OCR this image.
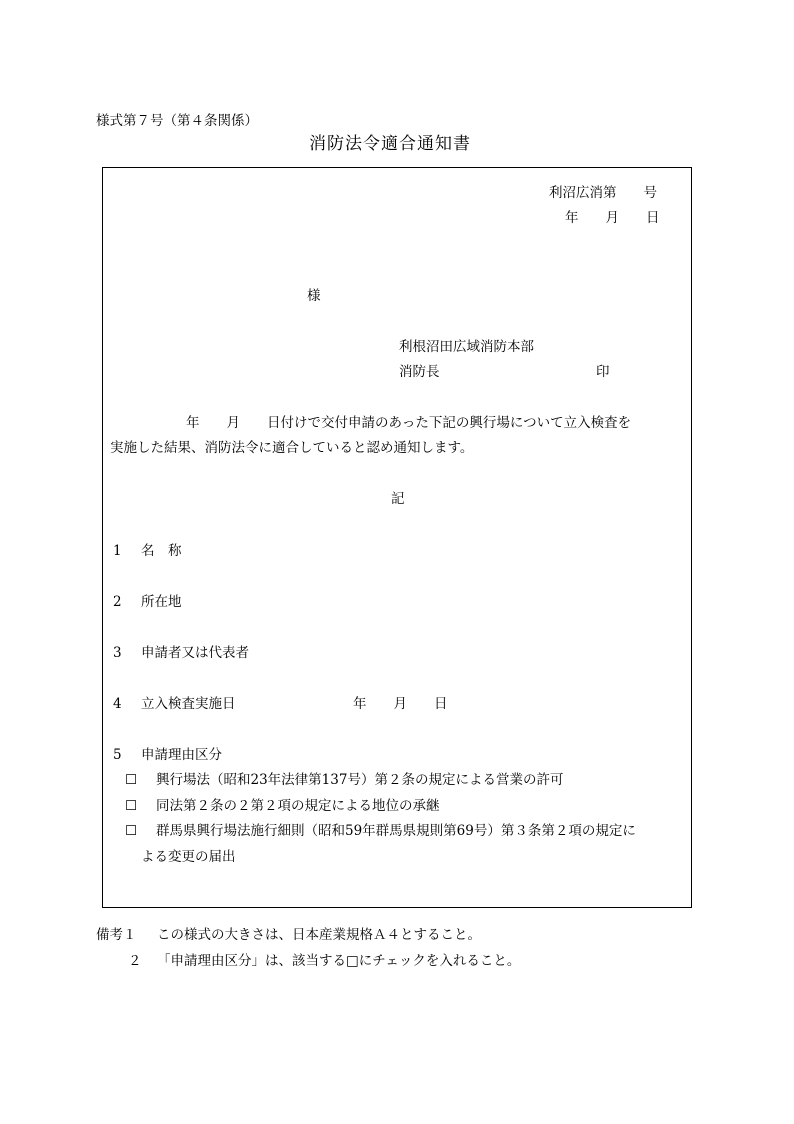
様式第７号（第４条関係）
消防法令適合通知書
利沼広消第　　号
年　　月　　日
様
利根沼田広域消防本部
消防長	印
年　　月　　日付けで交付申請のあった下記の興行場について立入検査を
実施した結果、消防法令に適合していると認め通知します。
記
1 名　称
2 所在地
3 申請者又は代表者
4 立入検査実施日	年　　月　　日
5 申請理由区分
☐ 興行場法（昭和23年法律第137号）第２条の規定による営業の許可
☐ 同法第２条の２第２項の規定による地位の承継
☐ 群馬県興行場法施行細則（昭和59年群馬県規則第69号）第３条第２項の規定に
よる変更の届出
備考１ この様式の大きさは、日本産業規格Ａ４とすること。
２ 「申請理由区分」は、該当する□にチェックを入れること。
